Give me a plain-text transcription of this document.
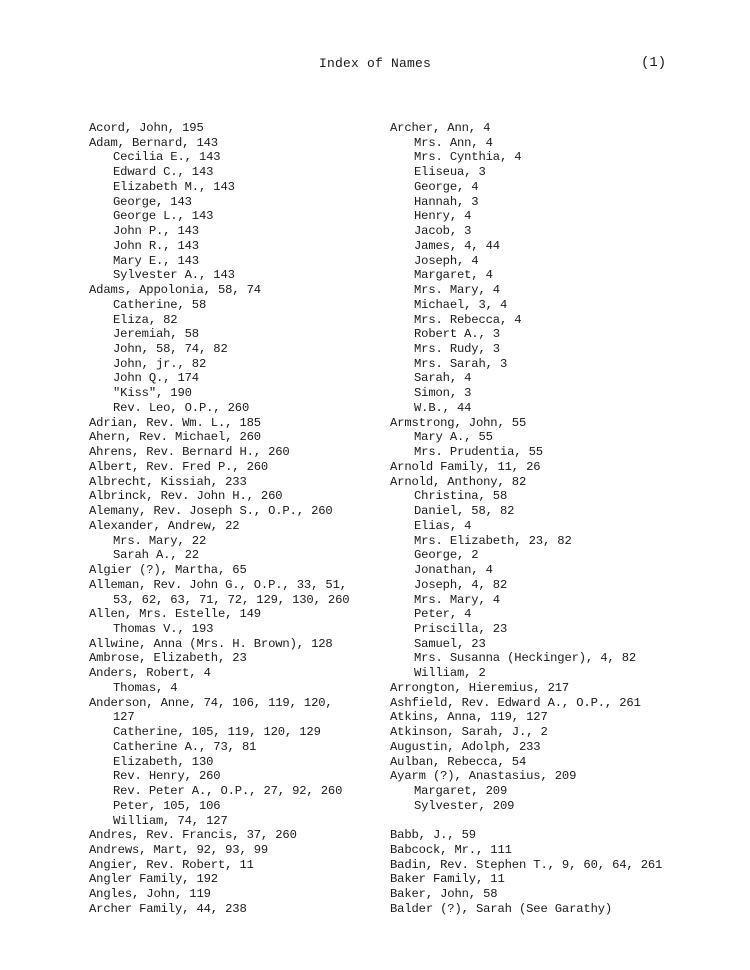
Index of Names	(1)
Acord, John, 195
Adam, Bernard, 143
Cecilia E., 143
Edward C., 143
Elizabeth M., 143
George, 143
George L., 143
John P., 143
John R., 143
Mary E., 143
Sylvester A., 143
Adams, Appolonia, 58, 74
Catherine, 58
Eliza, 82
Jeremiah, 58
John, 58, 74, 82
John, jr., 82
John Q., 174
"Kiss", 190
Rev. Leo, O.P., 260
Adrian, Rev. Wm. L., 185
Ahern, Rev. Michael, 260
Ahrens, Rev. Bernard H., 260
Albert, Rev. Fred P., 260
Albrecht, Kissiah, 233
Albrinck, Rev. John H., 260
Alemany, Rev. Joseph S., O.P., 260
Alexander, Andrew, 22
Mrs. Mary, 22
Sarah A., 22
Algier (?), Martha, 65
Alleman, Rev. John G., O.P., 33, 51,
53, 62, 63, 71, 72, 129, 130, 260
Allen, Mrs. Estelle, 149
Thomas V., 193
Allwine, Anna (Mrs. H. Brown), 128
Ambrose, Elizabeth, 23
Anders, Robert, 4
Thomas, 4
Anderson, Anne, 74, 106, 119, 120,
127
Catherine, 105, 119, 120, 129
Catherine A., 73, 81
Elizabeth, 130
Rev. Henry, 260
Rev. Peter A., O.P., 27, 92, 260
Peter, 105, 106
William, 74, 127
Andres, Rev. Francis, 37, 260
Andrews, Mart, 92, 93, 99
Angier, Rev. Robert, 11
Angler Family, 192
Angles, John, 119
Archer Family, 44, 238
Archer, Ann, 4
Mrs. Ann, 4
Mrs. Cynthia, 4
Eliseua, 3
George, 4
Hannah, 3
Henry, 4
Jacob, 3
James, 4, 44
Joseph, 4
Margaret, 4
Mrs. Mary, 4
Michael, 3, 4
Mrs. Rebecca, 4
Robert A., 3
Mrs. Rudy, 3
Mrs. Sarah, 3
Sarah, 4
Simon, 3
W.B., 44
Armstrong, John, 55
Mary A., 55
Mrs. Prudentia, 55
Arnold Family, 11, 26
Arnold, Anthony, 82
Christina, 58
Daniel, 58, 82
Elias, 4
Mrs. Elizabeth, 23, 82
George, 2
Jonathan, 4
Joseph, 4, 82
Mrs. Mary, 4
Peter, 4
Priscilla, 23
Samuel, 23
Mrs. Susanna (Heckinger), 4, 82
William, 2
Arrongton, Hieremius, 217
Ashfield, Rev. Edward A., O.P., 261
Atkins, Anna, 119, 127
Atkinson, Sarah, J., 2
Augustin, Adolph, 233
Aulban, Rebecca, 54
Ayarm (?), Anastasius, 209
Margaret, 209
Sylvester, 209
Babb, J., 59
Babcock, Mr., 111
Badin, Rev. Stephen T., 9, 60, 64, 261
Baker Family, 11
Baker, John, 58
Balder (?), Sarah (See Garathy)
